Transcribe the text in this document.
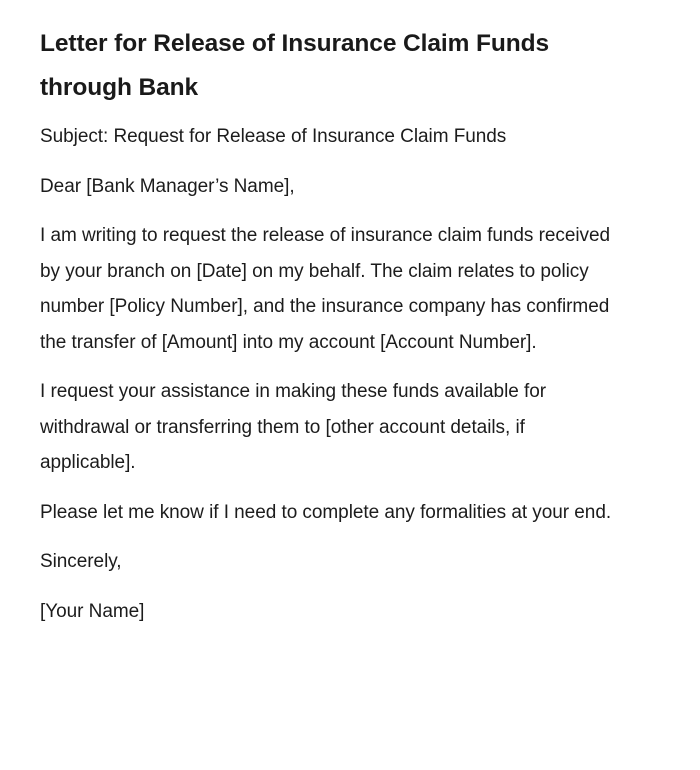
Letter for Release of Insurance Claim Funds through Bank

Subject: Request for Release of Insurance Claim Funds

Dear [Bank Manager’s Name],

I am writing to request the release of insurance claim funds received by your branch on [Date] on my behalf. The claim relates to policy number [Policy Number], and the insurance company has confirmed the transfer of [Amount] into my account [Account Number].

I request your assistance in making these funds available for withdrawal or transferring them to [other account details, if applicable].

Please let me know if I need to complete any formalities at your end.

Sincerely,

[Your Name]
